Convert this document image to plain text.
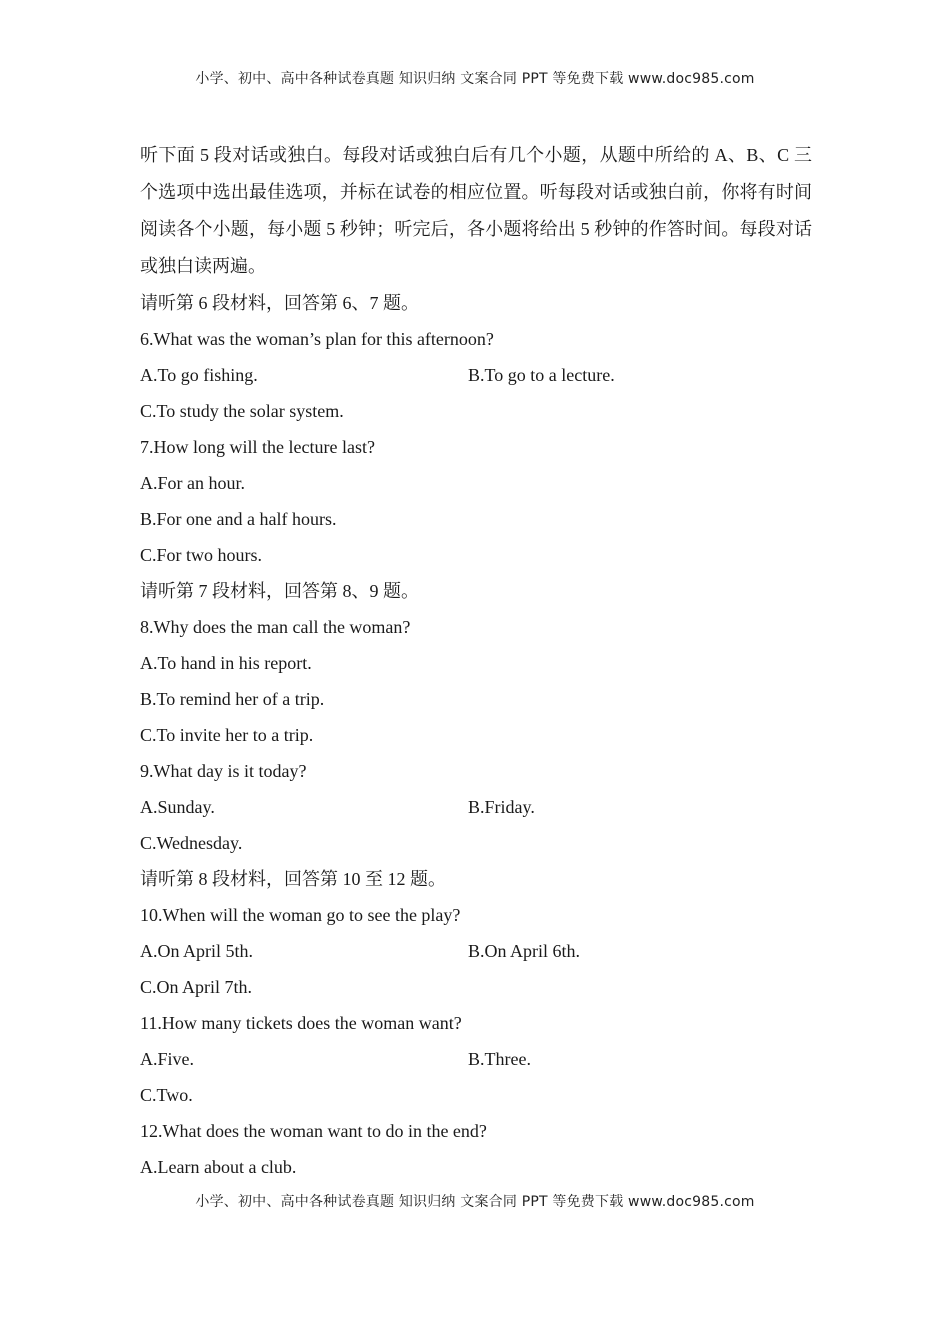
小学、初中、高中各种试卷真题 知识归纳 文案合同 PPT 等免费下载 www.doc985.com

听下面 5 段对话或独白。每段对话或独白后有几个小题，从题中所给的 A、B、C 三个选项中选出最佳选项，并标在试卷的相应位置。听每段对话或独白前，你将有时间阅读各个小题，每小题 5 秒钟；听完后，各小题将给出 5 秒钟的作答时间。每段对话或独白读两遍。

请听第 6 段材料，回答第 6、7 题。

6.What was the woman’s plan for this afternoon?

A.To go fishing.	B.To go to a lecture.

C.To study the solar system.

7.How long will the lecture last?

A.For an hour.

B.For one and a half hours.

C.For two hours.

请听第 7 段材料，回答第 8、9 题。

8.Why does the man call the woman?

A.To hand in his report.

B.To remind her of a trip.

C.To invite her to a trip.

9.What day is it today?

A.Sunday.	B.Friday.

C.Wednesday.

请听第 8 段材料，回答第 10 至 12 题。

10.When will the woman go to see the play?

A.On April 5th.	B.On April 6th.

C.On April 7th.

11.How many tickets does the woman want?

A.Five.	B.Three.

C.Two.

12.What does the woman want to do in the end?

A.Learn about a club.

小学、初中、高中各种试卷真题 知识归纳 文案合同 PPT 等免费下载 www.doc985.com
